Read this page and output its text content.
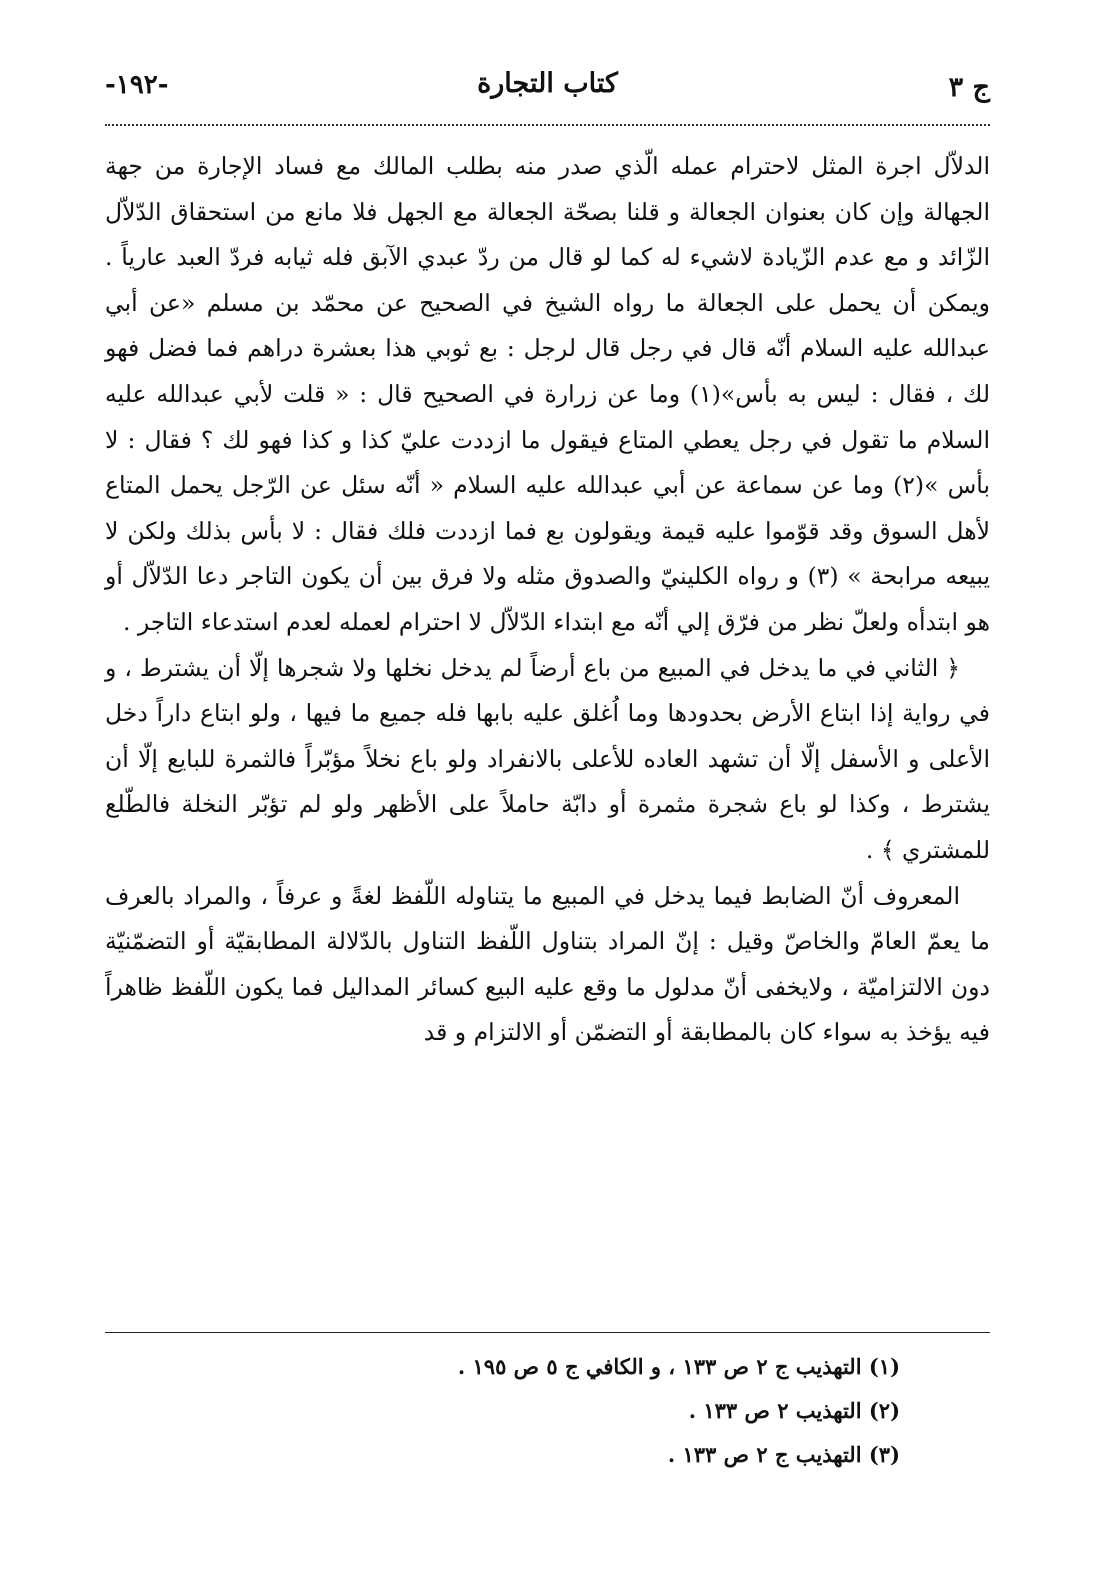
-١٩٢-	كتاب التجارة	ج ٣

الدلاّل اجرة المثل لاحترام عمله الّذي صدر منه بطلب المالك مع فساد الإجارة من جهة الجهالة وإن كان بعنوان الجعالة و قلنا بصحّة الجعالة مع الجهل فلا مانع من استحقاق الدّلاّل الزّائد و مع عدم الزّيادة لاشيء له كما لو قال من ردّ عبدي الآبق فله ثيابه فردّ العبد عارياً . ويمكن أن يحمل على الجعالة ما رواه الشيخ في الصحيح عن محمّد بن مسلم «عن أبي عبدالله عليه السلام أنّه قال في رجل قال لرجل : بع ثوبي هذا بعشرة دراهم فما فضل فهو لك ، فقال : ليس به بأس»(١) وما عن زرارة في الصحيح قال : « قلت لأبي عبدالله عليه السلام ما تقول في رجل يعطي المتاع فيقول ما ازددت عليّ كذا و كذا فهو لك ؟ فقال : لا بأس »(٢) وما عن سماعة عن أبي عبدالله عليه السلام « أنّه سئل عن الرّجل يحمل المتاع لأهل السوق وقد قوّموا عليه قيمة ويقولون بع فما ازددت فلك فقال : لا بأس بذلك ولكن لا يبيعه مرابحة » (٣) و رواه الكلينيّ والصدوق مثله ولا فرق بين أن يكون التاجر دعا الدّلاّل أو هو ابتدأه ولعلّ نظر من فرّق إلي أنّه مع ابتداء الدّلاّل لا احترام لعمله لعدم استدعاء التاجر .

﴿ الثاني في ما يدخل في المبيع من باع أرضاً لم يدخل نخلها ولا شجرها إلّا أن يشترط ، و في رواية إذا ابتاع الأرض بحدودها وما اُغلق عليه بابها فله جميع ما فيها ، ولو ابتاع داراً دخل الأعلى و الأسفل إلّا أن تشهد العاده للأعلى بالانفراد ولو باع نخلاً مؤبّراً فالثمرة للبايع إلّا أن يشترط ، وكذا لو باع شجرة مثمرة أو دابّة حاملاً على الأظهر ولو لم تؤبّر النخلة فالطّلع للمشتري ﴾ .

المعروف أنّ الضابط فيما يدخل في المبيع ما يتناوله اللّفظ لغةً و عرفاً ، والمراد بالعرف ما يعمّ العامّ والخاصّ وقيل : إنّ المراد بتناول اللّفظ التناول بالدّلالة المطابقيّة أو التضمّنيّة دون الالتزاميّة ، ولايخفى أنّ مدلول ما وقع عليه البيع كسائر المداليل فما يكون اللّفظ ظاهراً فيه يؤخذ به سواء كان بالمطابقة أو التضمّن أو الالتزام و قد

(١) التهذيب ج ٢ ص ١٣٣ ، و الكافي ج ٥ ص ١٩٥ .

(٢) التهذيب ٢ ص ١٣٣ .

(٣) التهذيب ج ٢ ص ١٣٣ .
